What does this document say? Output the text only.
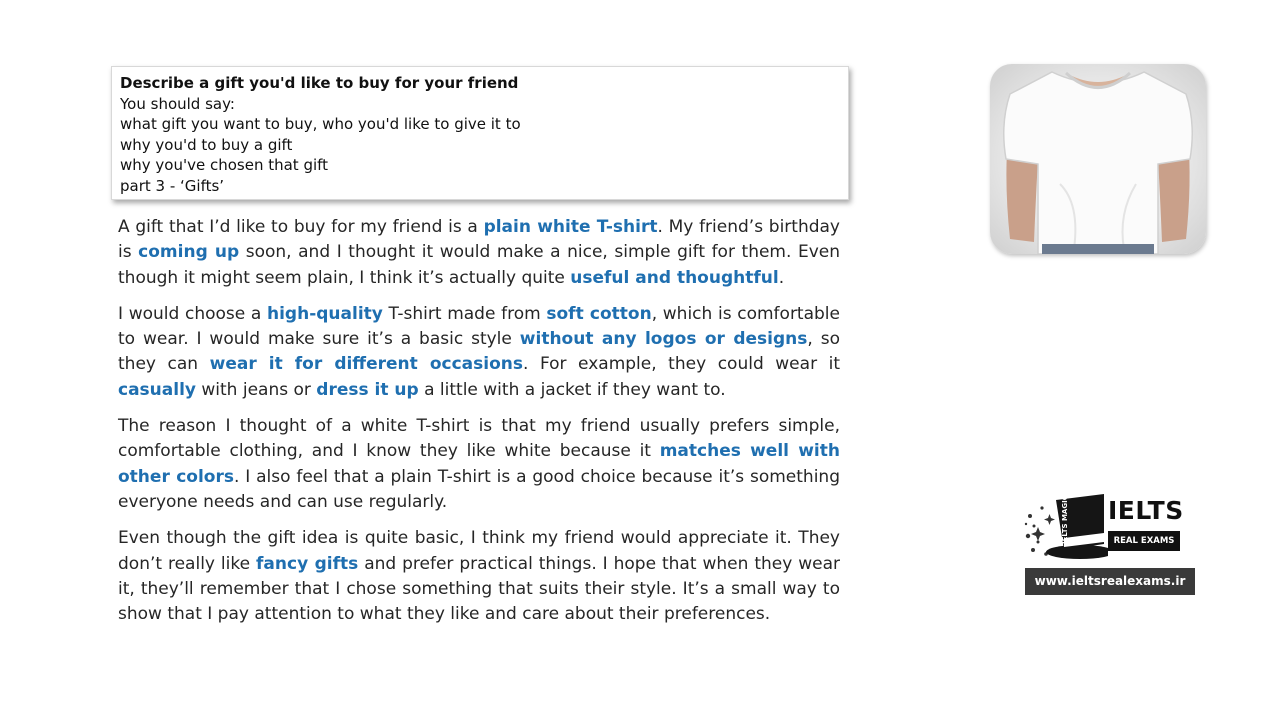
Describe a gift you'd like to buy for your friend
You should say:
what gift you want to buy, who you'd like to give it to
why you'd to buy a gift
why you've chosen that gift
part 3 - ‘Gifts’

A gift that I’d like to buy for my friend is a plain white T-shirt. My friend’s birthday is coming up soon, and I thought it would make a nice, simple gift for them. Even though it might seem plain, I think it’s actually quite useful and thoughtful.

I would choose a high-quality T-shirt made from soft cotton, which is comfortable to wear. I would make sure it’s a basic style without any logos or designs, so they can wear it for different occasions. For example, they could wear it casually with jeans or dress it up a little with a jacket if they want to.

The reason I thought of a white T-shirt is that my friend usually prefers simple, comfortable clothing, and I know they like white because it matches well with other colors. I also feel that a plain T-shirt is a good choice because it’s something everyone needs and can use regularly.

Even though the gift idea is quite basic, I think my friend would appreciate it. They don’t really like fancy gifts and prefer practical things. I hope that when they wear it, they’ll remember that I chose something that suits their style. It’s a small way to show that I pay attention to what they like and care about their preferences.

IELTS MAGIC IELTS
REAL EXAMS
www.ieltsrealexams.ir
